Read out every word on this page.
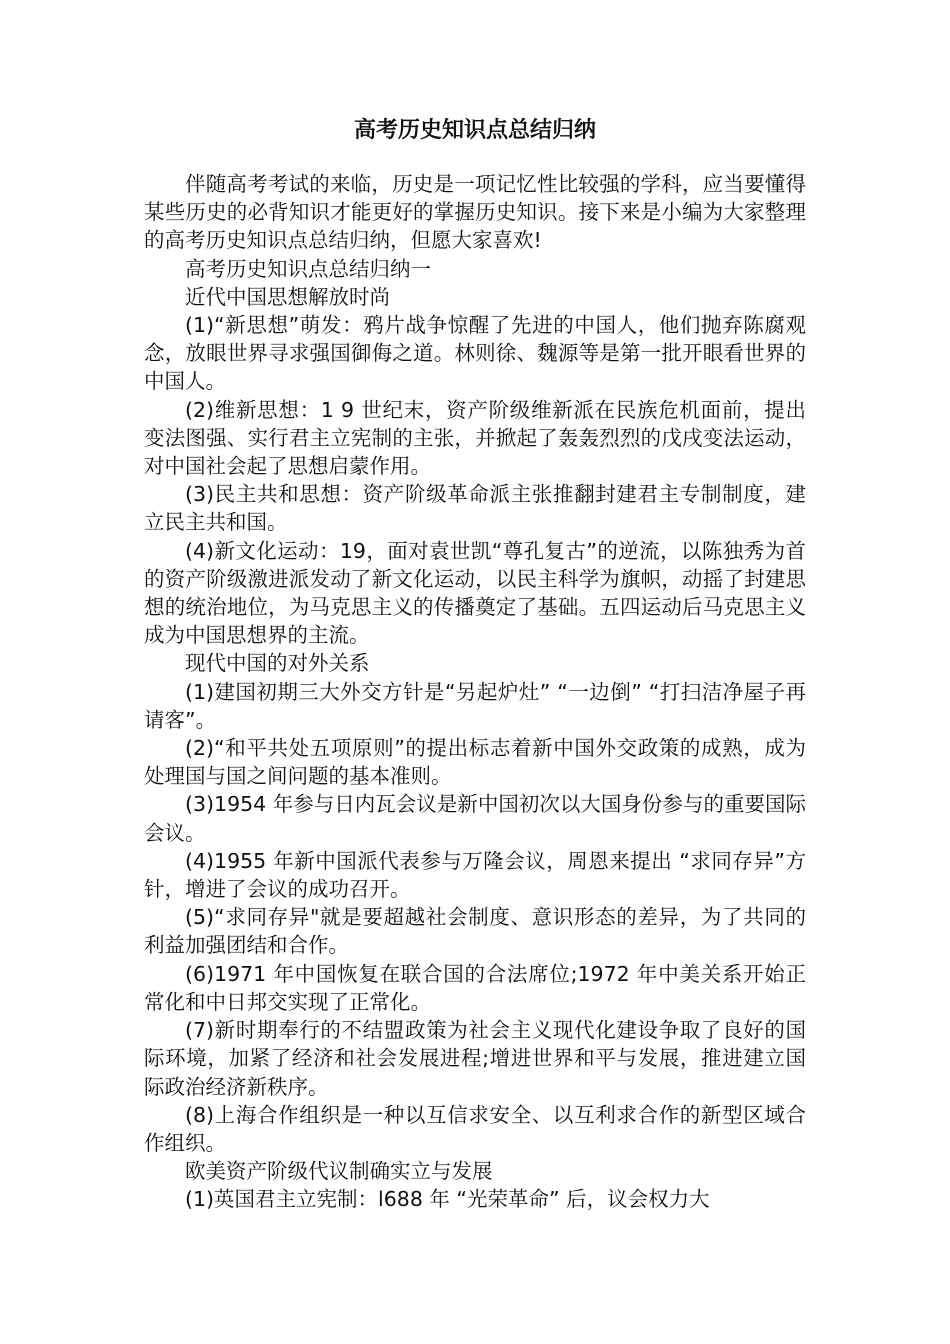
高考历史知识点总结归纳

伴随高考考试的来临，历史是一项记忆性比较强的学科，应当要懂得某些历史的必背知识才能更好的掌握历史知识。接下来是小编为大家整理的高考历史知识点总结归纳，但愿大家喜欢!

高考历史知识点总结归纳一

近代中国思想解放时尚

(1)“新思想”萌发：鸦片战争惊醒了先进的中国人，他们抛弃陈腐观念，放眼世界寻求强国御侮之道。林则徐、魏源等是第一批开眼看世界的中国人。

(2)维新思想：1 9 世纪末，资产阶级维新派在民族危机面前，提出变法图强、实行君主立宪制的主张，并掀起了轰轰烈烈的戊戌变法运动，对中国社会起了思想启蒙作用。

(3)民主共和思想：资产阶级革命派主张推翻封建君主专制制度，建立民主共和国。

(4)新文化运动：19，面对袁世凯“尊孔复古”的逆流，以陈独秀为首的资产阶级激进派发动了新文化运动，以民主科学为旗帜，动摇了封建思想的统治地位，为马克思主义的传播奠定了基础。五四运动后马克思主义成为中国思想界的主流。

现代中国的对外关系

(1)建国初期三大外交方针是“另起炉灶” “一边倒” “打扫洁净屋子再请客”。

(2)“和平共处五项原则”的提出标志着新中国外交政策的成熟，成为处理国与国之间问题的基本准则。

(3)1954 年参与日内瓦会议是新中国初次以大国身份参与的重要国际会议。

(4)1955 年新中国派代表参与万隆会议，周恩来提出 “求同存异”方针，增进了会议的成功召开。

(5)“求同存异"就是要超越社会制度、意识形态的差异，为了共同的利益加强团结和合作。

(6)1971 年中国恢复在联合国的合法席位;1972 年中美关系开始正常化和中日邦交实现了正常化。

(7)新时期奉行的不结盟政策为社会主义现代化建设争取了良好的国际环境，加紧了经济和社会发展进程;增进世界和平与发展，推进建立国际政治经济新秩序。

(8)上海合作组织是一种以互信求安全、以互利求合作的新型区域合作组织。

欧美资产阶级代议制确实立与发展

(1)英国君主立宪制：l688 年 “光荣革命” 后，议会权力大
